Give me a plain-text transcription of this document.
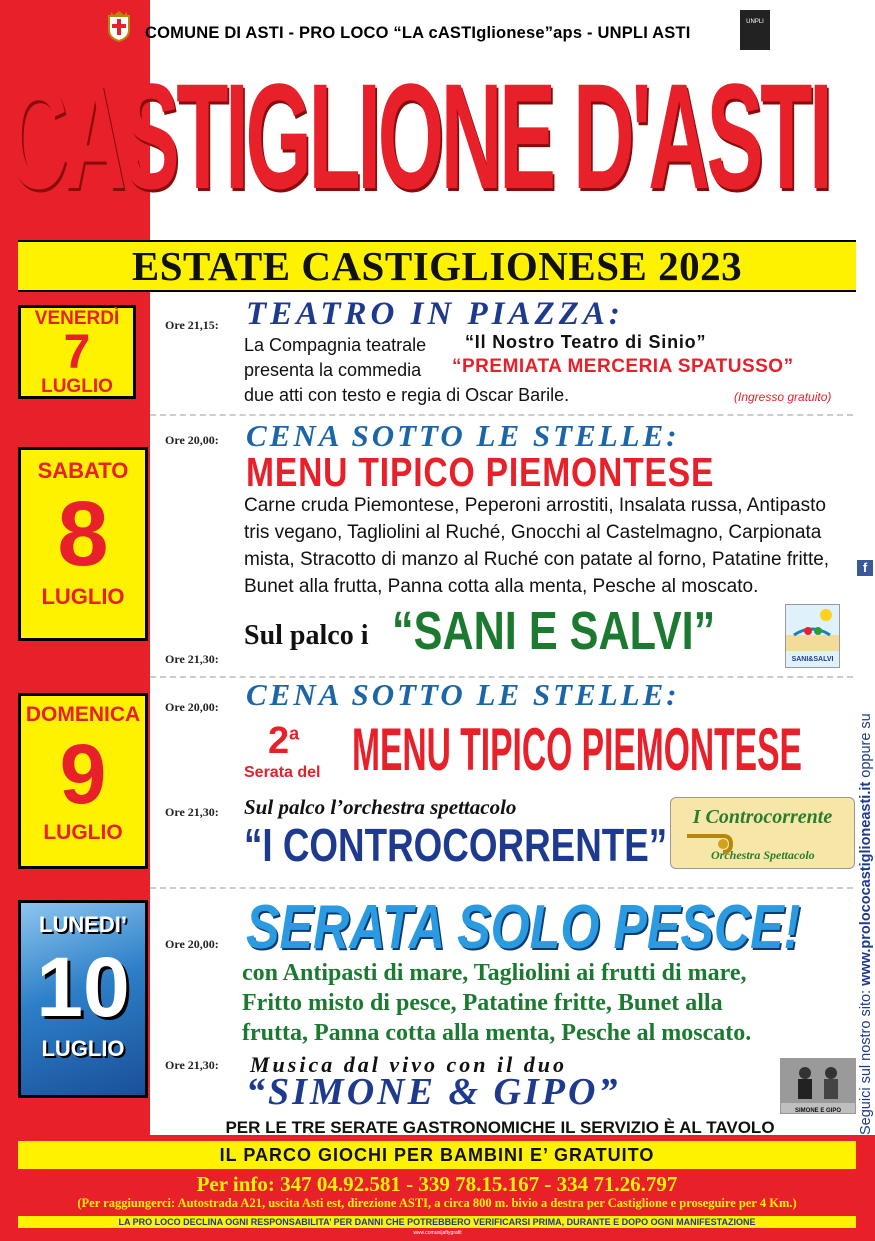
COMUNE DI ASTI - PRO LOCO “LA cASTIglionese”aps - UNPLI ASTI
UNPLI
CASTIGLIONE D'ASTI
ESTATE CASTIGLIONESE 2023
VENERDÌ
7
LUGLIO
Ore 21,15: TEATRO IN PIAZZA:
La Compagnia teatrale “Il Nostro Teatro di Sinio”
presenta la commedia “PREMIATA MERCERIA SPATUSSO”
due atti con testo e regia di Oscar Barile.	(Ingresso gratuito)
SABATO
8
LUGLIO
Ore 20,00: CENA SOTTO LE STELLE:
MENU TIPICO PIEMONTESE
Carne cruda Piemontese, Peperoni arrostiti, Insalata russa, Antipasto
tris vegano, Tagliolini al Ruché, Gnocchi al Castelmagno, Carpionata
mista, Stracotto di manzo al Ruché con patate al forno, Patatine fritte,
Bunet alla frutta, Panna cotta alla menta, Pesche al moscato.
Ore 21,30:
Sul palco i “SANI E SALVI”	SANI&SALVI
DOMENICA
9
LUGLIO
Ore 20,00: CENA SOTTO LE STELLE:
2$^a$
Serata del MENU TIPICO PIEMONTESE
Ore 21,30: Sul palco l’orchestra spettacolo
“I CONTROCORRENTE”
I Controcorrente
Orchestra Spettacolo
LUNEDI’
10
LUGLIO
Ore 20,00: SERATA SOLO PESCE!
con Antipasti di mare, Tagliolini ai frutti di mare,
Fritto misto di pesce, Patatine fritte, Bunet alla
frutta, Panna cotta alla menta, Pesche al moscato.
Ore 21,30: Musica dal vivo con il duo
“SIMONE & GIPO”	SIMONE E GIPO
PER LE TRE SERATE GASTRONOMICHE IL SERVIZIO È AL TAVOLO
IL PARCO GIOCHI PER BAMBINI E’ GRATUITO
Per info: 347 04.92.581 - 339 78.15.167 - 334 71.26.797
(Per raggiungerci: Autostrada A21, uscita Asti est, direzione ASTI, a circa 800 m. bivio a destra per Castiglione e proseguire per 4 Km.)
LA PRO LOCO DECLINA OGNI RESPONSABILITA’ PER DANNI CHE POTREBBERO VERIFICARSI PRIMA, DURANTE E DOPO OGNI MANIFESTAZIONE
www.comunijaftygrafit
Seguici sul nostro sito: www.prolococastiglioneasti.it oppure su
f
